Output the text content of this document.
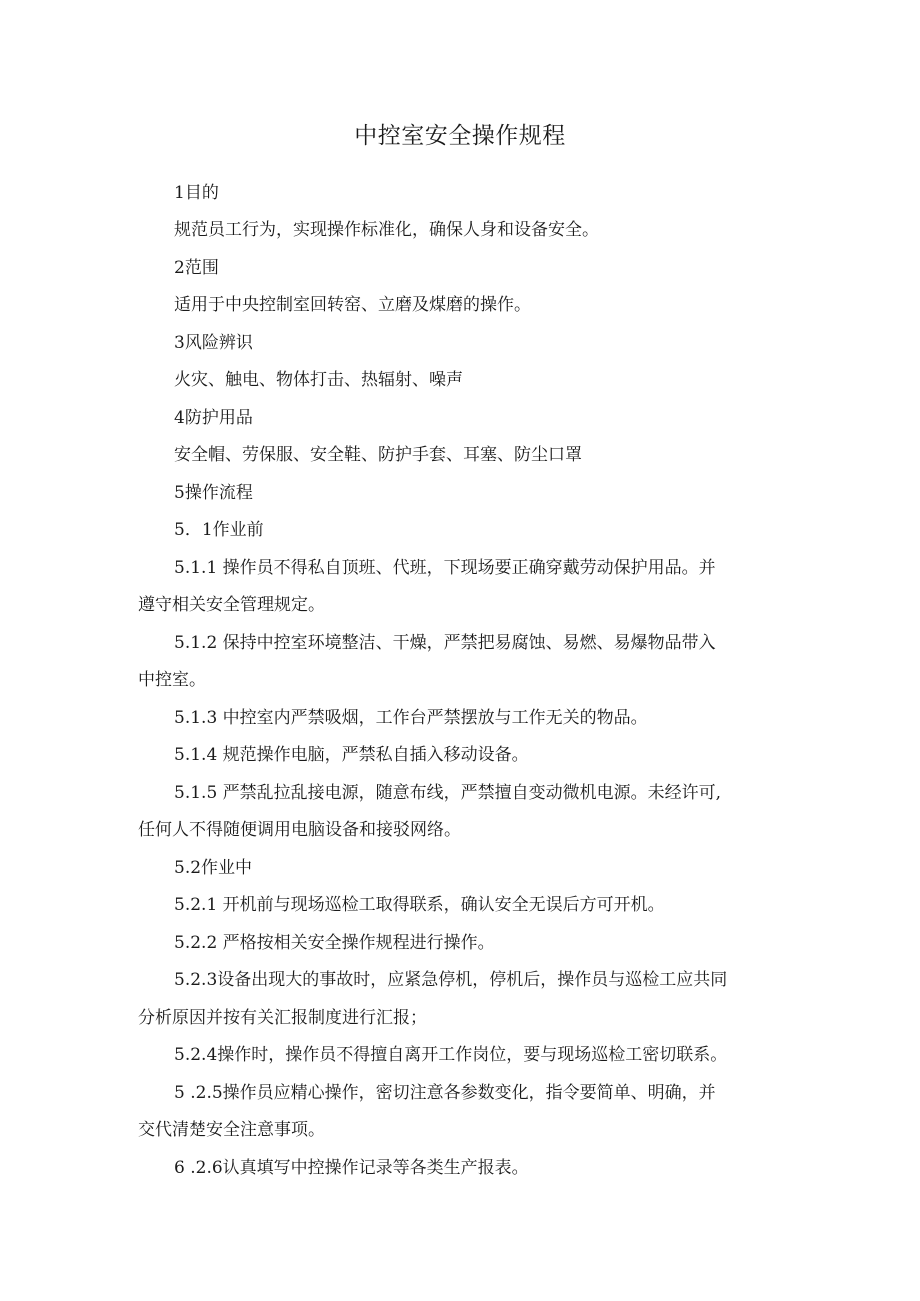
中控室安全操作规程
1目的
规范员工行为，实现操作标准化，确保人身和设备安全。
2范围
适用于中央控制室回转窑、立磨及煤磨的操作。
3风险辨识
火灾、触电、物体打击、热辐射、噪声
4防护用品
安全帽、劳保服、安全鞋、防护手套、耳塞、防尘口罩
5操作流程
5．1作业前
5.1.1 操作员不得私自顶班、代班，下现场要正确穿戴劳动保护用品。并
遵守相关安全管理规定。
5.1.2 保持中控室环境整洁、干燥，严禁把易腐蚀、易燃、易爆物品带入
中控室。
5.1.3 中控室内严禁吸烟，工作台严禁摆放与工作无关的物品。
5.1.4 规范操作电脑，严禁私自插入移动设备。
5.1.5 严禁乱拉乱接电源，随意布线，严禁擅自变动微机电源。未经许可,
任何人不得随便调用电脑设备和接驳网络。
5.2作业中
5.2.1 开机前与现场巡检工取得联系，确认安全无误后方可开机。
5.2.2 严格按相关安全操作规程进行操作。
5.2.3设备出现大的事故时，应紧急停机，停机后，操作员与巡检工应共同
分析原因并按有关汇报制度进行汇报；
5.2.4操作时，操作员不得擅自离开工作岗位，要与现场巡检工密切联系。
5 .2.5操作员应精心操作，密切注意各参数变化，指令要简单、明确，并
交代清楚安全注意事项。
6 .2.6认真填写中控操作记录等各类生产报表。
